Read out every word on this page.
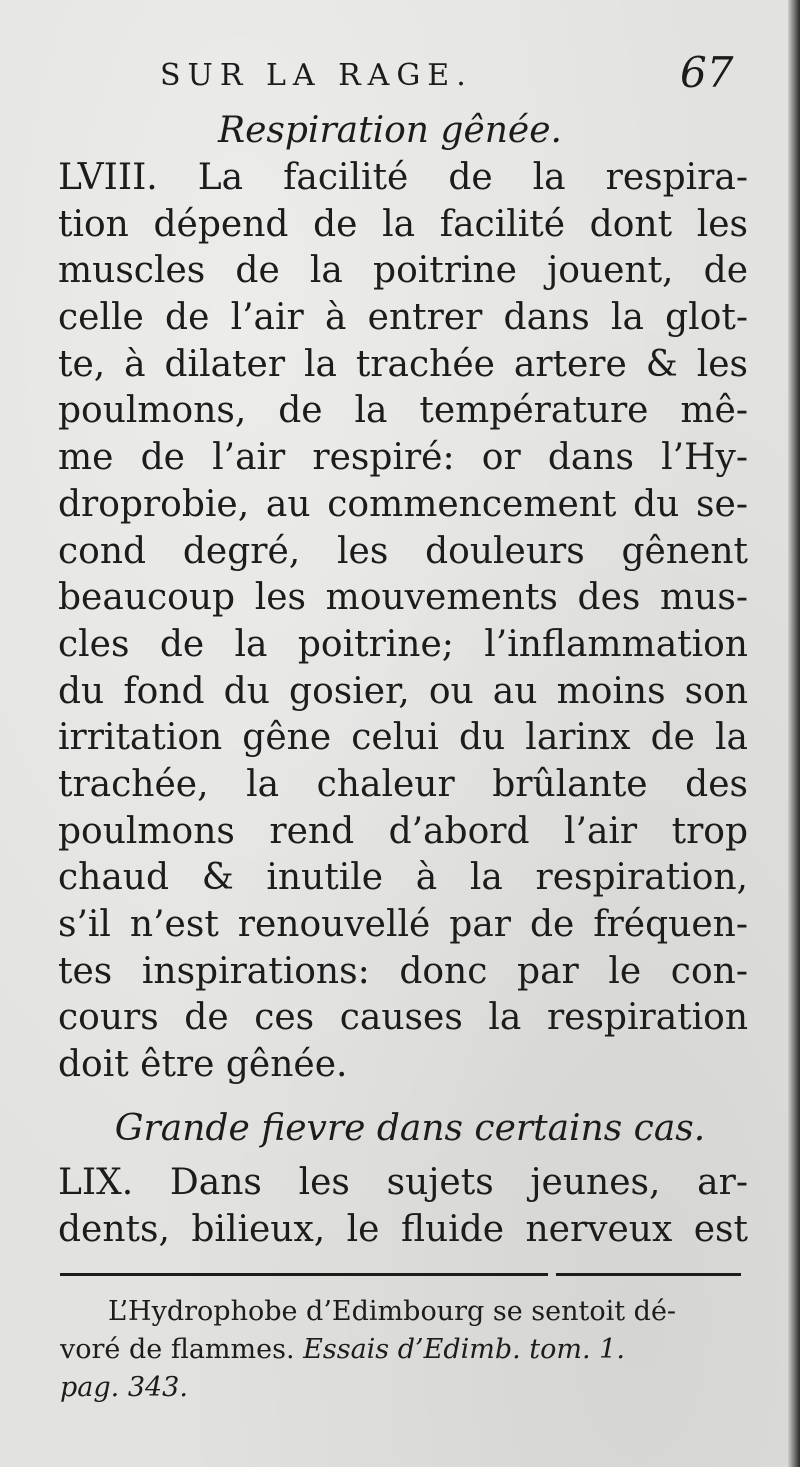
SUR LA RAGE.	67
Respiration gênée.
LVIII. La facilité de la respira-
tion dépend de la facilité dont les
muscles de la poitrine jouent, de
celle de l’air à entrer dans la glot-
te, à dilater la trachée artere & les
poulmons, de la température mê-
me de l’air respiré: or dans l’Hy-
droprobie, au commencement du se-
cond degré, les douleurs gênent
beaucoup les mouvements des mus-
cles de la poitrine; l’inflammation
du fond du gosier, ou au moins son
irritation gêne celui du larinx de la
trachée, la chaleur brûlante des
poulmons rend d’abord l’air trop
chaud & inutile à la respiration,
s’il n’est renouvellé par de fréquen-
tes inspirations: donc par le con-
cours de ces causes la respiration
doit être gênée.
Grande fievre dans certains cas.
LIX. Dans les sujets jeunes, ar-
dents, bilieux, le fluide nerveux est
L’Hydrophobe d’Edimbourg se sentoit dé-
voré de flammes. Essais d’Edimb. tom. 1.
pag. 343.
